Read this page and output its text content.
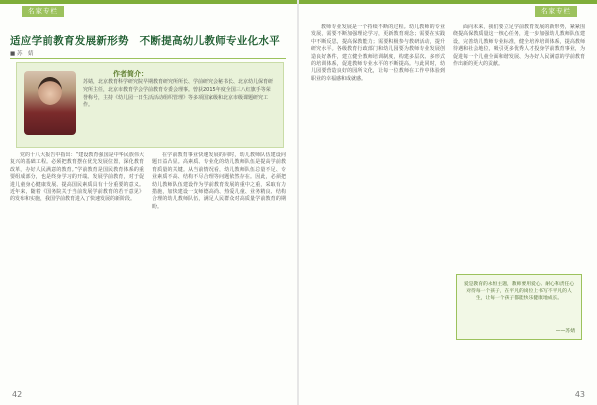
名家专栏
适应学前教育发展新形势　不断提高幼儿教师专业化水平
■ 苏　婧
作者简介：
苏婧，北京教育科学研究院早期教育研究所所长、学前研究会秘书长、北京幼儿保育研究所主任，北京市教育学会学前教育专委会理事。曾获2015年度全国三八红旗手等荣誉称号，主持《幼儿园一日生活活动组织管理》等多项国家级和北京市级课题研究工作。

党的十八大报告中指出：“建设教育强国是中华民族伟大复兴的基础工程。必须把教育摆在优先发展位置，深化教育改革，办好人民满意的教育。”学前教育是国民教育体系的重要组成部分，也是终身学习的开端。发展学前教育，对于促进儿童身心健康发展、提高国民素质具有十分重要的意义。近年来，随着《国务院关于当前发展学前教育的若干意见》的发布和实施，我国学前教育进入了快速发展的新阶段。

在学前教育事业快速发展的同时，幼儿教师队伍建设问题日益凸显。高素质、专业化的幼儿教师队伍是提高学前教育质量的关键。从当前情况看，幼儿教师队伍总量不足、专业素质不高、结构不尽合理等问题依然存在。因此，必须把幼儿教师队伍建设作为学前教育发展的重中之重，采取有力措施，加快建设一支师德高尚、热爱儿童、业务精良、结构合理的幼儿教师队伍，满足人民群众对高质量学前教育的期盼。

42
名家专栏

教师专业发展是一个持续不断的过程。幼儿教师的专业发展，需要不断加强理论学习，更新教育观念；需要在实践中不断反思，提高保教能力；需要积极参与教研活动，提升研究水平。各级教育行政部门和幼儿园要为教师专业发展创造良好条件，建立健全教师培训制度，构建多层次、多形式的培训体系，促进教师专业水平的不断提高。与此同时，幼儿园要营造良好的园所文化，让每一位教师在工作中体验到职业的幸福感和成就感。

面向未来，我们要立足学前教育发展的新形势，紧紧围绕提高保教质量这一核心任务，进一步加强幼儿教师队伍建设，完善幼儿教师专业标准，健全培养培训体系，提高教师待遇和社会地位，吸引更多优秀人才投身学前教育事业，为促进每一个儿童全面和谐发展、为办好人民满意的学前教育作出新的更大的贡献。

爱是教育的永恒主题，教师要用爱心、耐心和责任心对待每一个孩子，在平凡的岗位上书写不平凡的人生，让每一个孩子都能快乐健康地成长。
——苏婧
43
